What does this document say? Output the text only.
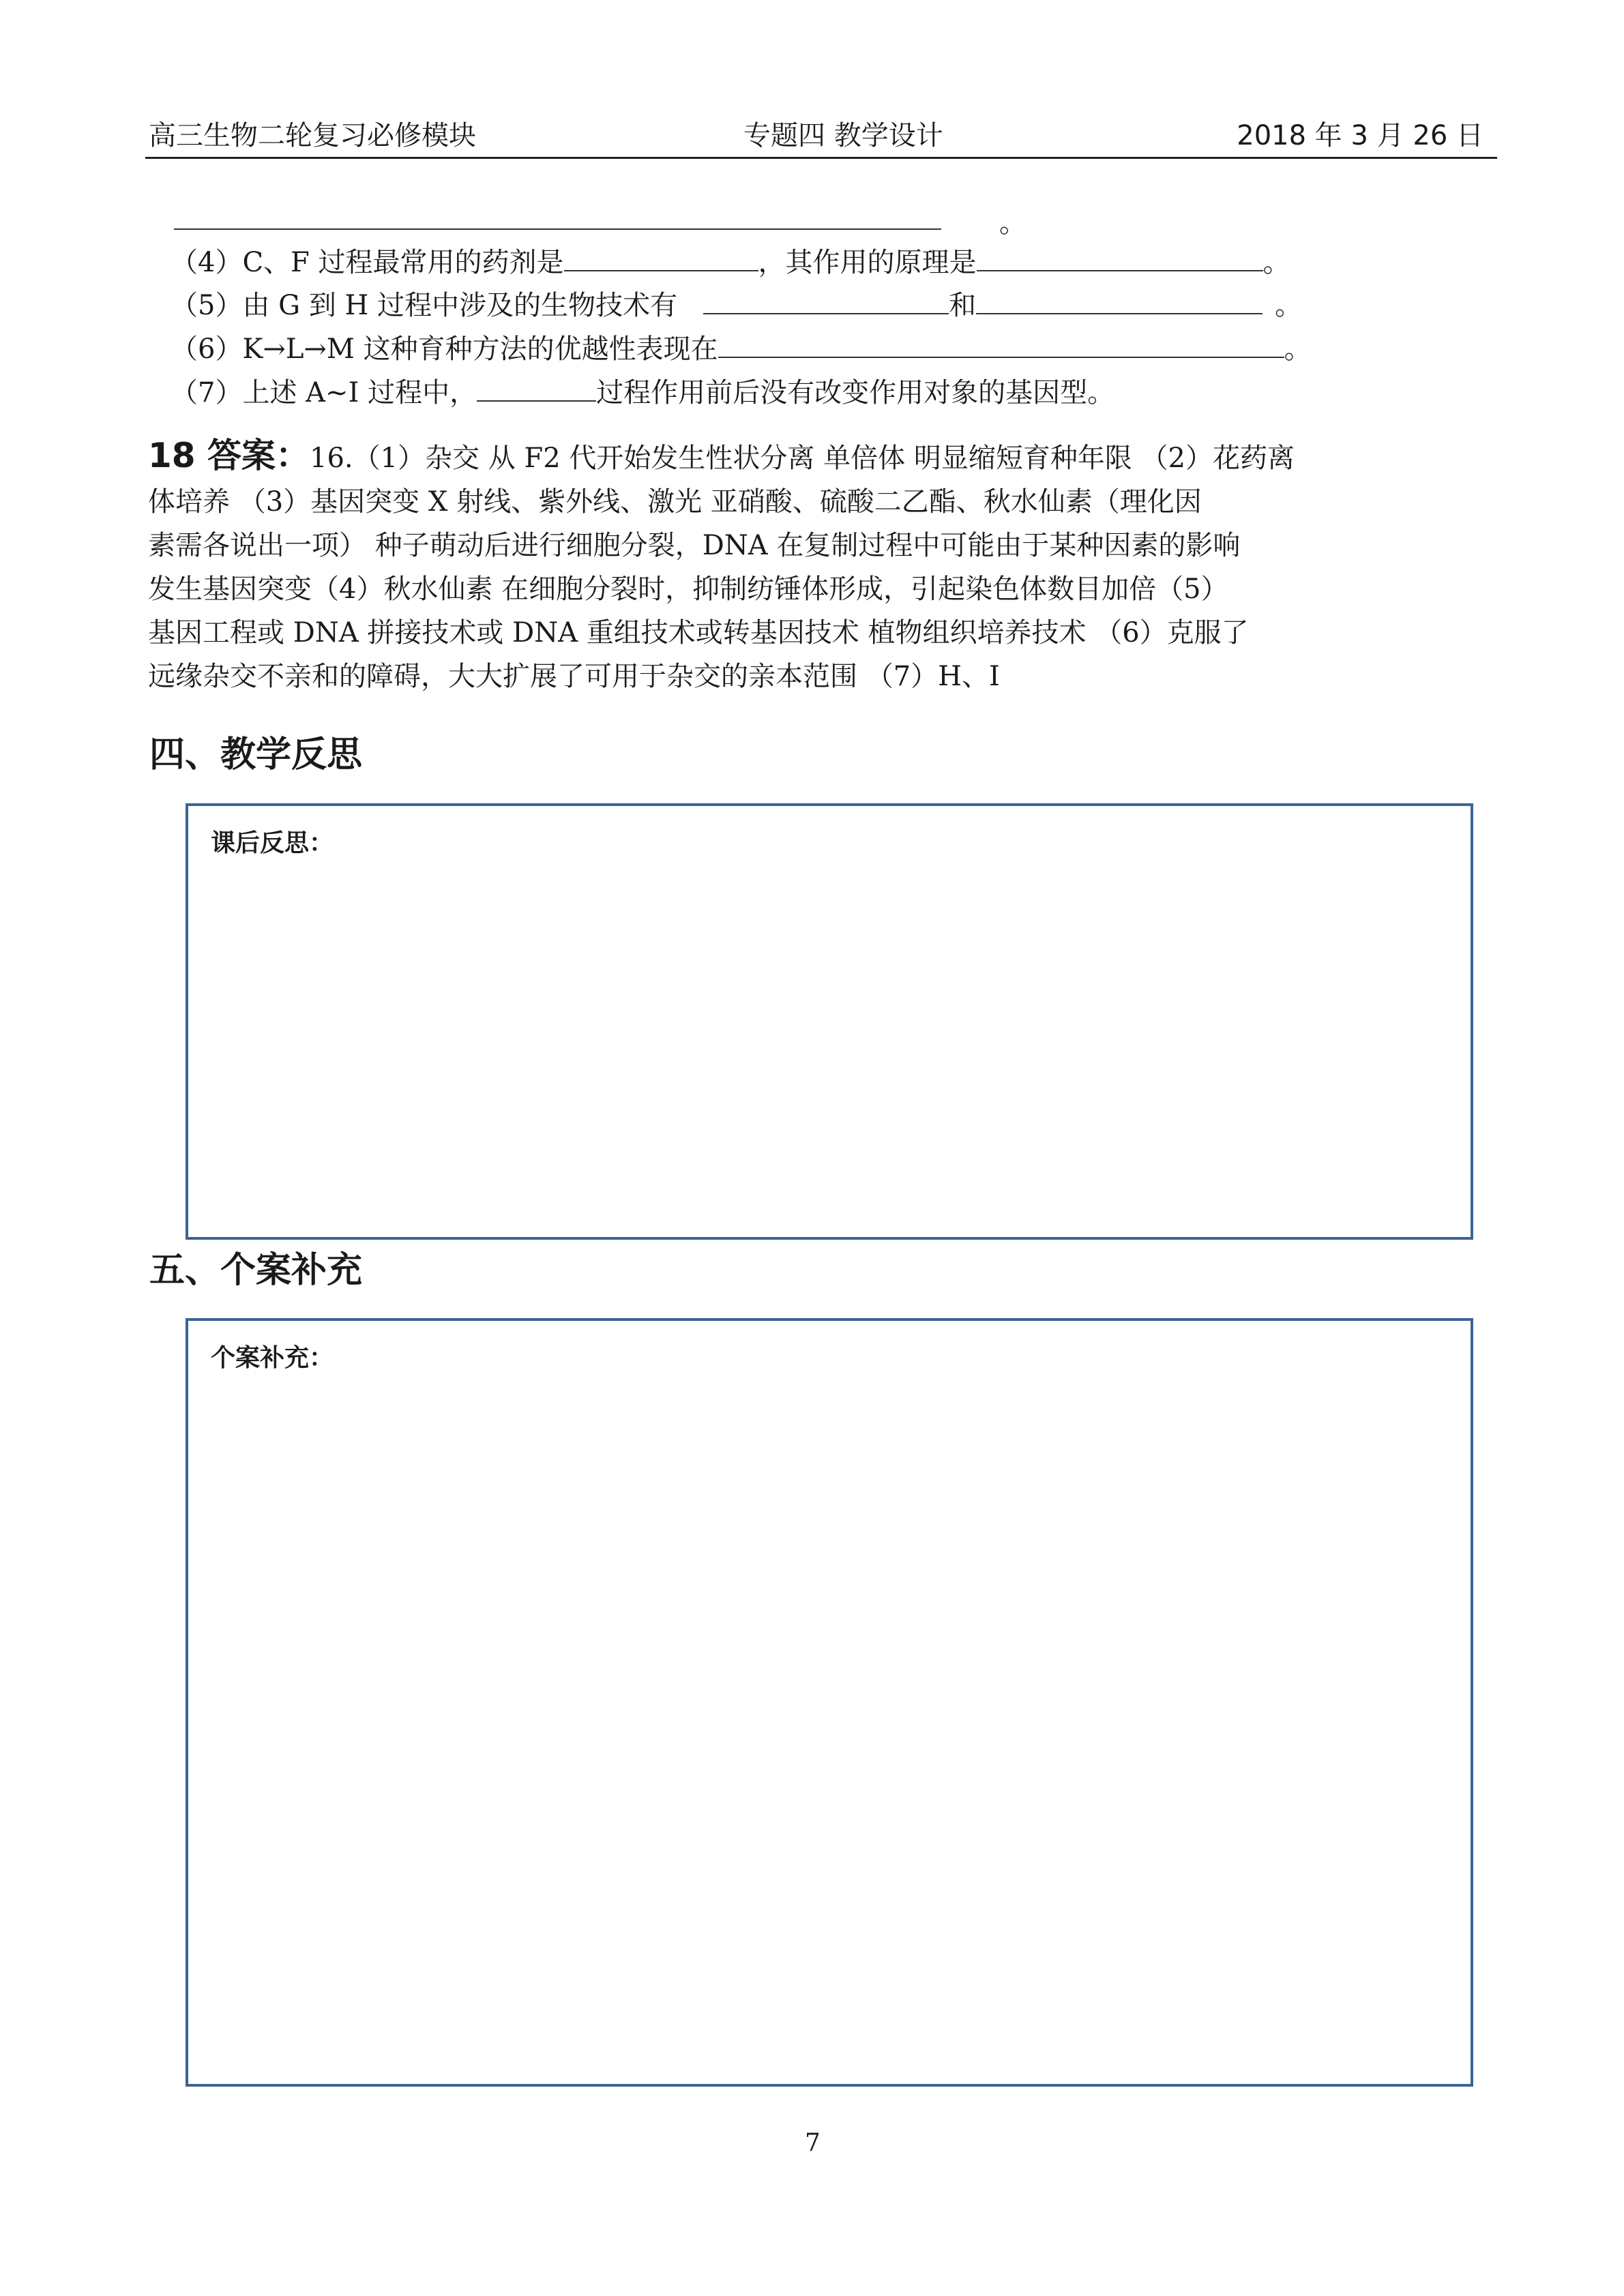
高三生物二轮复习必修模块	专题四 教学设计	2018 年 3 月 26 日
。
（4）C、F 过程最常用的药剂是	，其作用的原理是	。
（5）由 G 到 H 过程中涉及的生物技术有	和	。
（6）K→L→M 这种育种方法的优越性表现在	。
（7）上述 A~I 过程中，	过程作用前后没有改变作用对象的基因型。

18 答案：16.（1）杂交 从 F2 代开始发生性状分离 单倍体 明显缩短育种年限 （2）花药离

体培养 （3）基因突变 X 射线、紫外线、激光 亚硝酸、硫酸二乙酯、秋水仙素（理化因

素需各说出一项） 种子萌动后进行细胞分裂，DNA 在复制过程中可能由于某种因素的影响

发生基因突变（4）秋水仙素 在细胞分裂时，抑制纺锤体形成，引起染色体数目加倍（5）

基因工程或 DNA 拼接技术或 DNA 重组技术或转基因技术 植物组织培养技术 （6）克服了

远缘杂交不亲和的障碍，大大扩展了可用于杂交的亲本范围 （7）H、I

四、教学反思
课后反思：
五、个案补充
个案补充：
7
